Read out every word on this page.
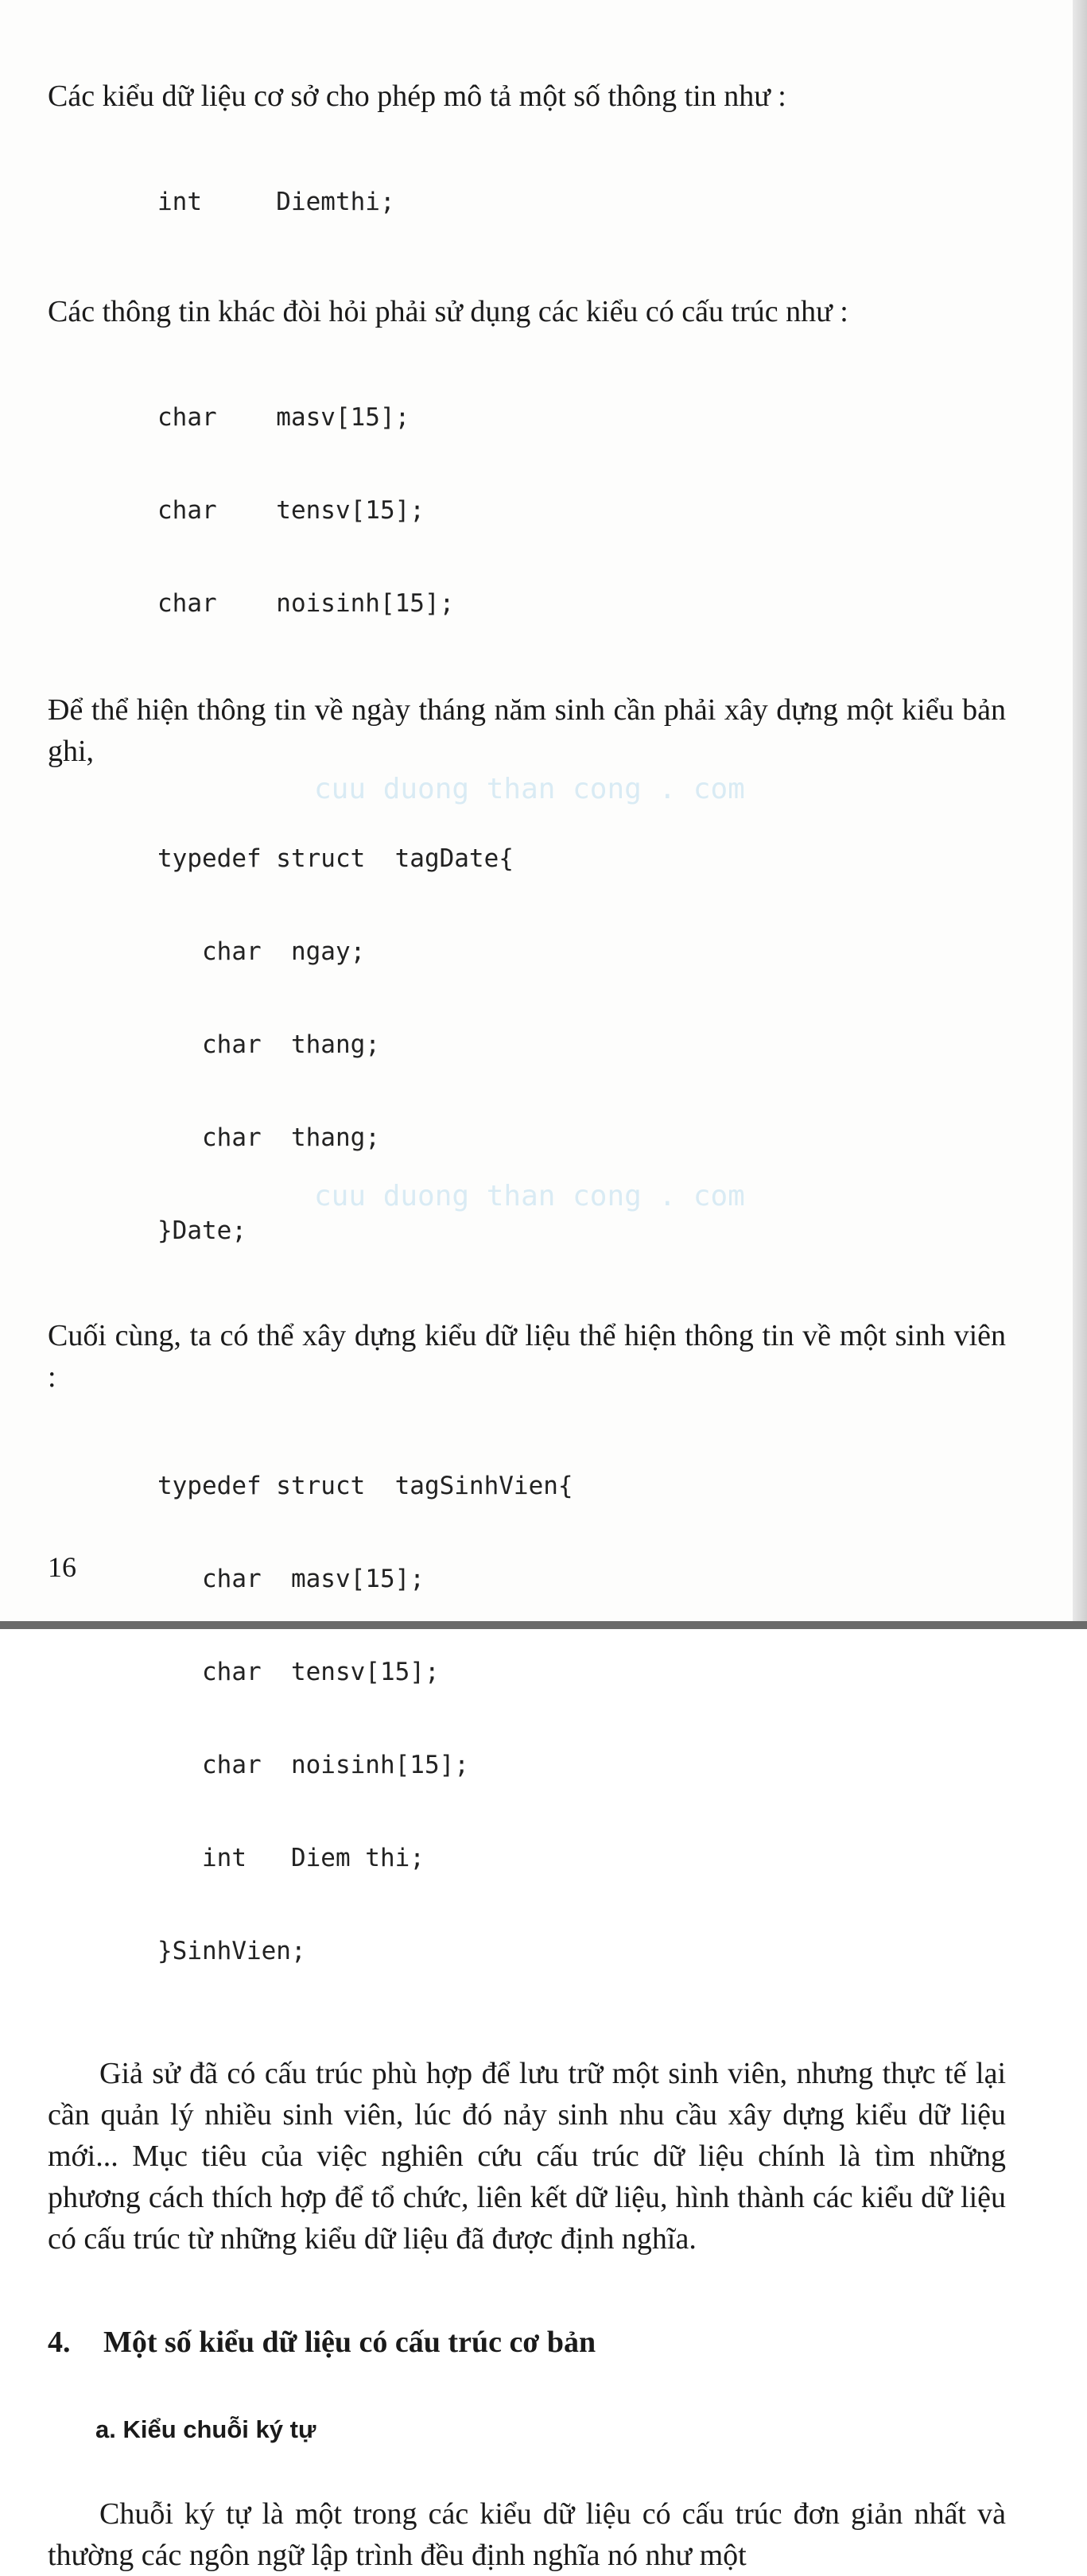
Các kiểu dữ liệu cơ sở cho phép mô tả một số thông tin như :

int     Diemthi;

Các thông tin khác đòi hỏi phải sử dụng các kiểu có cấu trúc như :

char    masv[15];

char    tensv[15];

char    noisinh[15];

Để thể hiện thông tin về ngày tháng năm sinh cần phải xây dựng một kiểu bản ghi,

typedef struct  tagDate{

char  ngay;

char  thang;

char  thang;

}Date;

Cuối cùng, ta có thể xây dựng kiểu dữ liệu thể hiện thông tin về một sinh viên :

typedef struct  tagSinhVien{

char  masv[15];

char  tensv[15];

char  noisinh[15];

int   Diem thi;

}SinhVien;

Giả sử đã có cấu trúc phù hợp để lưu trữ một sinh viên, nhưng thực tế lại cần quản lý nhiều sinh viên, lúc đó nảy sinh nhu cầu xây dựng kiểu dữ liệu mới... Mục tiêu của việc nghiên cứu cấu trúc dữ liệu chính là tìm những phương cách thích hợp để tổ chức, liên kết dữ liệu, hình thành các kiểu dữ liệu có cấu trúc từ những kiểu dữ liệu đã được định nghĩa.

4. Một số kiểu dữ liệu có cấu trúc cơ bản
a. Kiểu chuỗi ký tự

Chuỗi ký tự là một trong các kiểu dữ liệu có cấu trúc đơn giản nhất và thường các ngôn ngữ lập trình đều định nghĩa nó như một

cuu duong than cong . com
cuu duong than cong . com
16
